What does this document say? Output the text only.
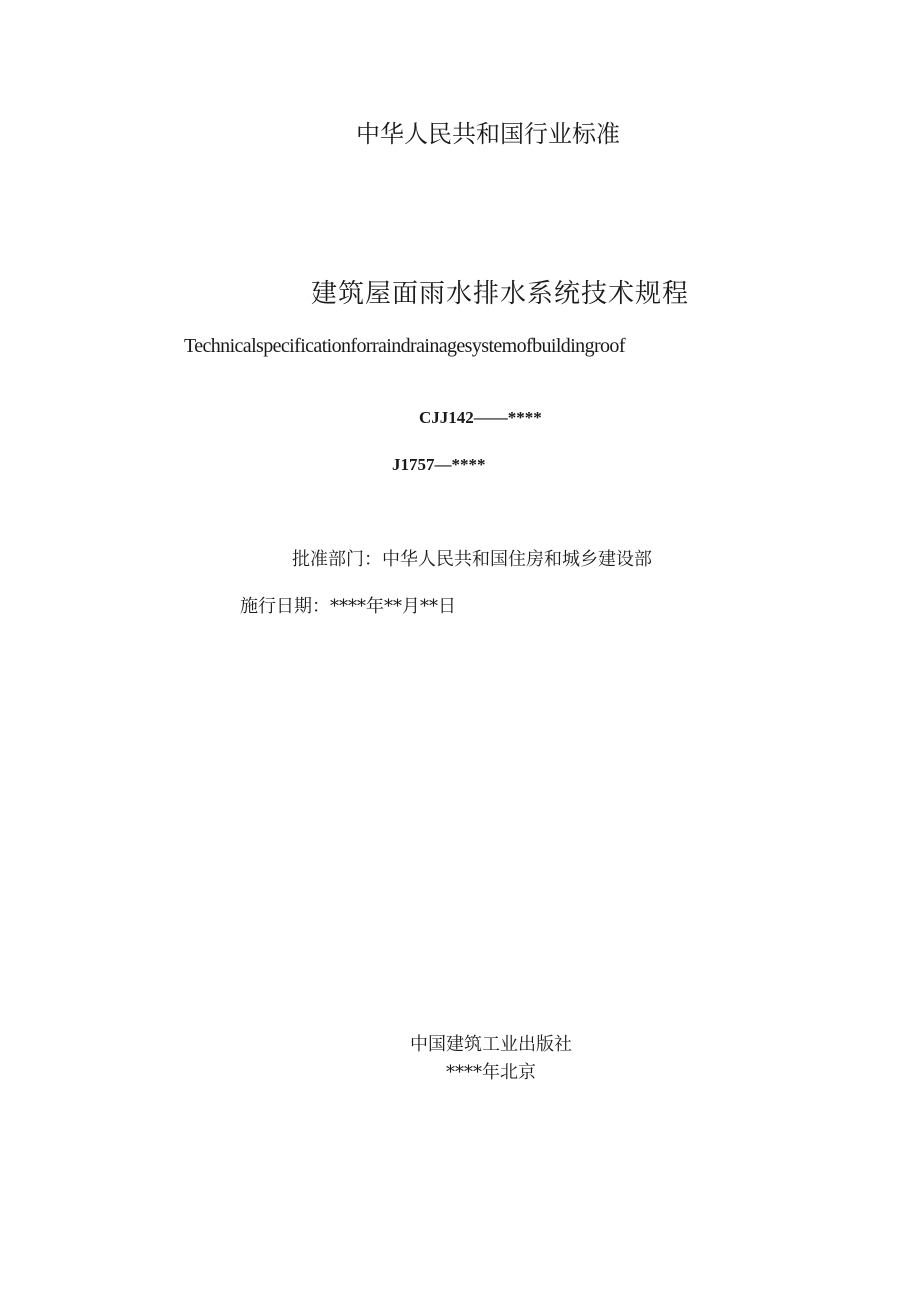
中华人民共和国行业标准
建筑屋面雨水排水系统技术规程
Technicalspecificationforraindrainagesystemofbuildingroof
CJJ142——****
J1757—****
批准部门：中华人民共和国住房和城乡建设部
施行日期：****年**月**日
中国建筑工业出版社
****年北京
